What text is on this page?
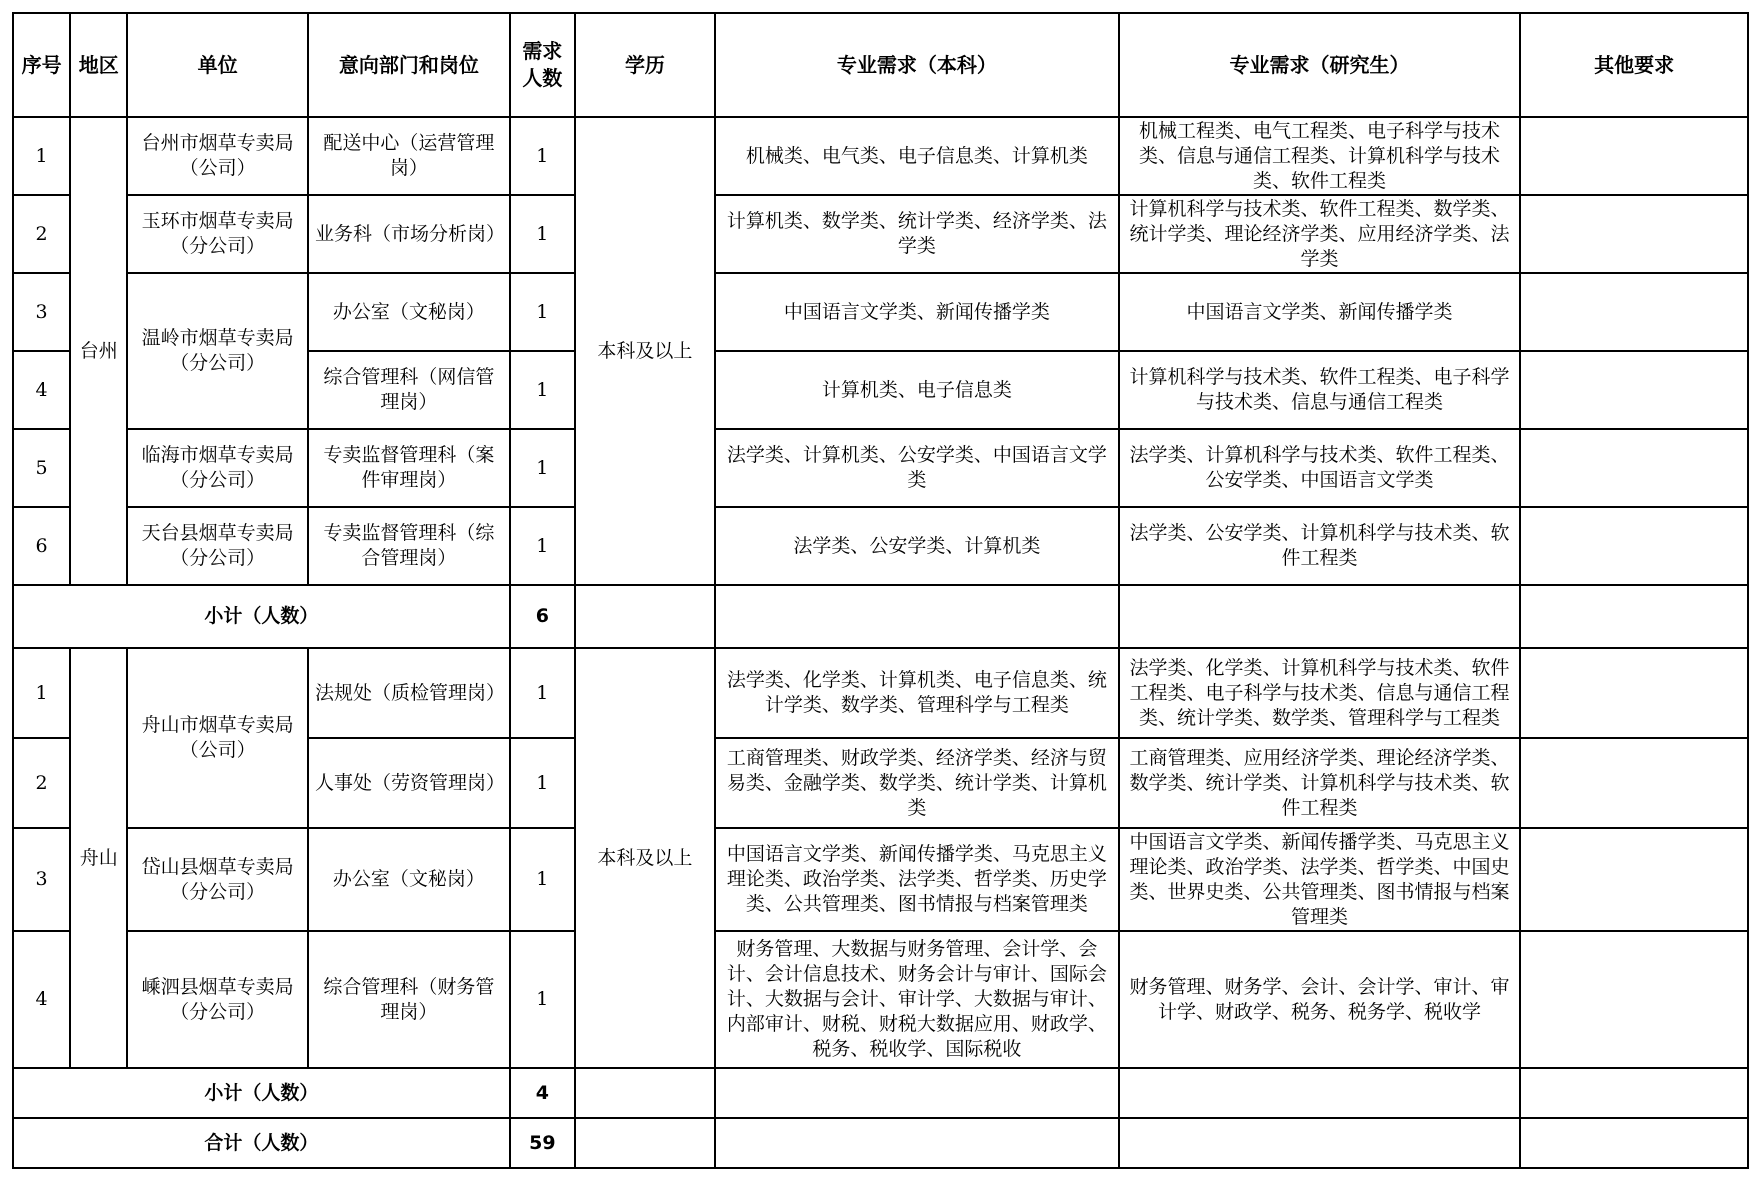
序号	地区	单位	意向部门和岗位	需求人数	学历	专业需求（本科）	专业需求（研究生）	其他要求
1	台州	台州市烟草专卖局（公司）	配送中心（运营管理岗）	1	本科及以上	机械类、电气类、电子信息类、计算机类	机械工程类、电气工程类、电子科学与技术类、信息与通信工程类、计算机科学与技术类、软件工程类	
2		玉环市烟草专卖局（分公司）	业务科（市场分析岗）	1		计算机类、数学类、统计学类、经济学类、法学类	计算机科学与技术类、软件工程类、数学类、统计学类、理论经济学类、应用经济学类、法学类	
3		温岭市烟草专卖局（分公司）	办公室（文秘岗）	1		中国语言文学类、新闻传播学类	中国语言文学类、新闻传播学类	
4			综合管理科（网信管理岗）	1		计算机类、电子信息类	计算机科学与技术类、软件工程类、电子科学与技术类、信息与通信工程类	
5		临海市烟草专卖局（分公司）	专卖监督管理科（案件审理岗）	1		法学类、计算机类、公安学类、中国语言文学类	法学类、计算机科学与技术类、软件工程类、公安学类、中国语言文学类	
6		天台县烟草专卖局（分公司）	专卖监督管理科（综合管理岗）	1		法学类、公安学类、计算机类	法学类、公安学类、计算机科学与技术类、软件工程类	
小计（人数）				6				
1	舟山	舟山市烟草专卖局（公司）	法规处（质检管理岗）	1	本科及以上	法学类、化学类、计算机类、电子信息类、统计学类、数学类、管理科学与工程类	法学类、化学类、计算机科学与技术类、软件工程类、电子科学与技术类、信息与通信工程类、统计学类、数学类、管理科学与工程类	
2			人事处（劳资管理岗）	1		工商管理类、财政学类、经济学类、经济与贸易类、金融学类、数学类、统计学类、计算机类	工商管理类、应用经济学类、理论经济学类、数学类、统计学类、计算机科学与技术类、软件工程类	
3		岱山县烟草专卖局（分公司）	办公室（文秘岗）	1		中国语言文学类、新闻传播学类、马克思主义理论类、政治学类、法学类、哲学类、历史学类、公共管理类、图书情报与档案管理类	中国语言文学类、新闻传播学类、马克思主义理论类、政治学类、法学类、哲学类、中国史类、世界史类、公共管理类、图书情报与档案管理类	
4		嵊泗县烟草专卖局（分公司）	综合管理科（财务管理岗）	1		财务管理、大数据与财务管理、会计学、会计、会计信息技术、财务会计与审计、国际会计、大数据与会计、审计学、大数据与审计、内部审计、财税、财税大数据应用、财政学、税务、税收学、国际税收	财务管理、财务学、会计、会计学、审计、审计学、财政学、税务、税务学、税收学	
小计（人数）				4				
合计（人数）				59				
